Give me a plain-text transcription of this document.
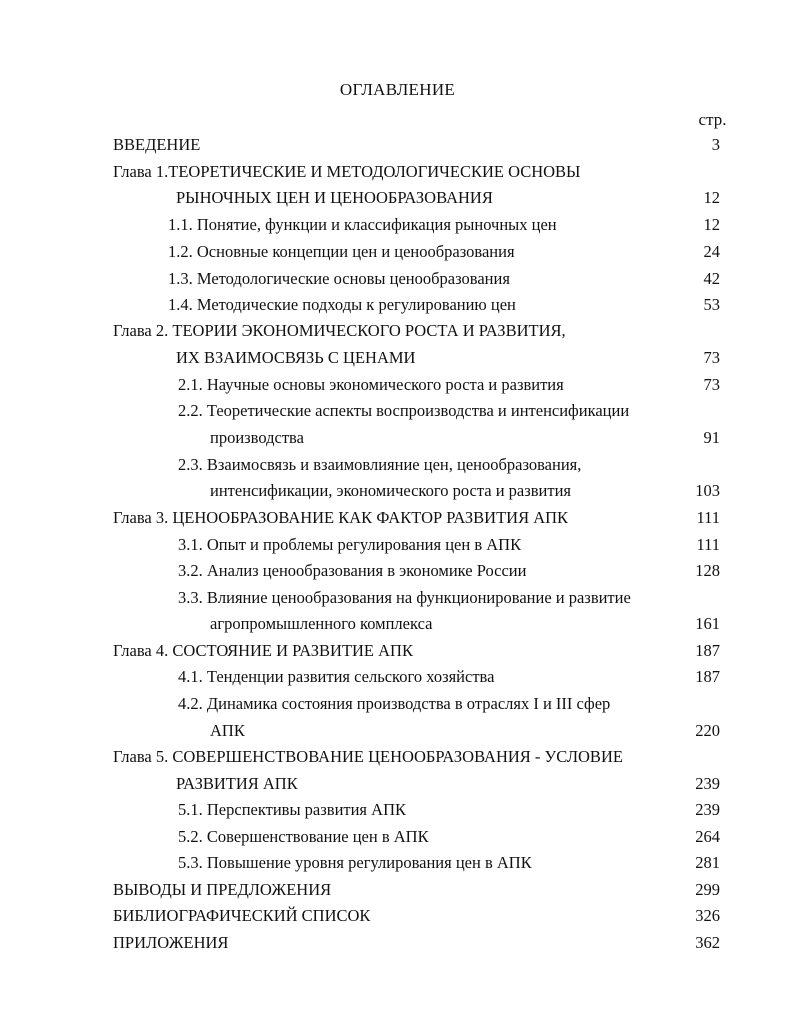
ОГЛАВЛЕНИЕ
стр.
ВВЕДЕНИЕ	3
Глава 1.ТЕОРЕТИЧЕСКИЕ И МЕТОДОЛОГИЧЕСКИЕ ОСНОВЫ
РЫНОЧНЫХ ЦЕН И ЦЕНООБРАЗОВАНИЯ	12
1.1. Понятие, функции и классификация рыночных цен	12
1.2. Основные концепции цен и ценообразования	24
1.3. Методологические основы ценообразования	42
1.4. Методические подходы к регулированию цен	53
Глава 2. ТЕОРИИ ЭКОНОМИЧЕСКОГО РОСТА И РАЗВИТИЯ,
ИХ ВЗАИМОСВЯЗЬ С ЦЕНАМИ	73
2.1. Научные основы экономического роста и развития	73
2.2. Теоретические аспекты воспроизводства и интенсификации
производства	91
2.3. Взаимосвязь и взаимовлияние цен, ценообразования,
интенсификации, экономического роста и развития	103
Глава 3. ЦЕНООБРАЗОВАНИЕ КАК ФАКТОР РАЗВИТИЯ АПК	111
3.1. Опыт и проблемы регулирования цен в АПК	111
3.2. Анализ ценообразования в экономике России	128
3.3. Влияние ценообразования на функционирование и развитие
агропромышленного комплекса	161
Глава 4. СОСТОЯНИЕ И РАЗВИТИЕ АПК	187
4.1. Тенденции развития сельского хозяйства	187
4.2. Динамика состояния производства в отраслях I и III сфер
АПК	220
Глава 5. СОВЕРШЕНСТВОВАНИЕ ЦЕНООБРАЗОВАНИЯ - УСЛОВИЕ
РАЗВИТИЯ АПК	239
5.1. Перспективы развития АПК	239
5.2. Совершенствование цен в АПК	264
5.3. Повышение уровня регулирования цен в АПК	281
ВЫВОДЫ И ПРЕДЛОЖЕНИЯ	299
БИБЛИОГРАФИЧЕСКИЙ СПИСОК	326
ПРИЛОЖЕНИЯ	362
